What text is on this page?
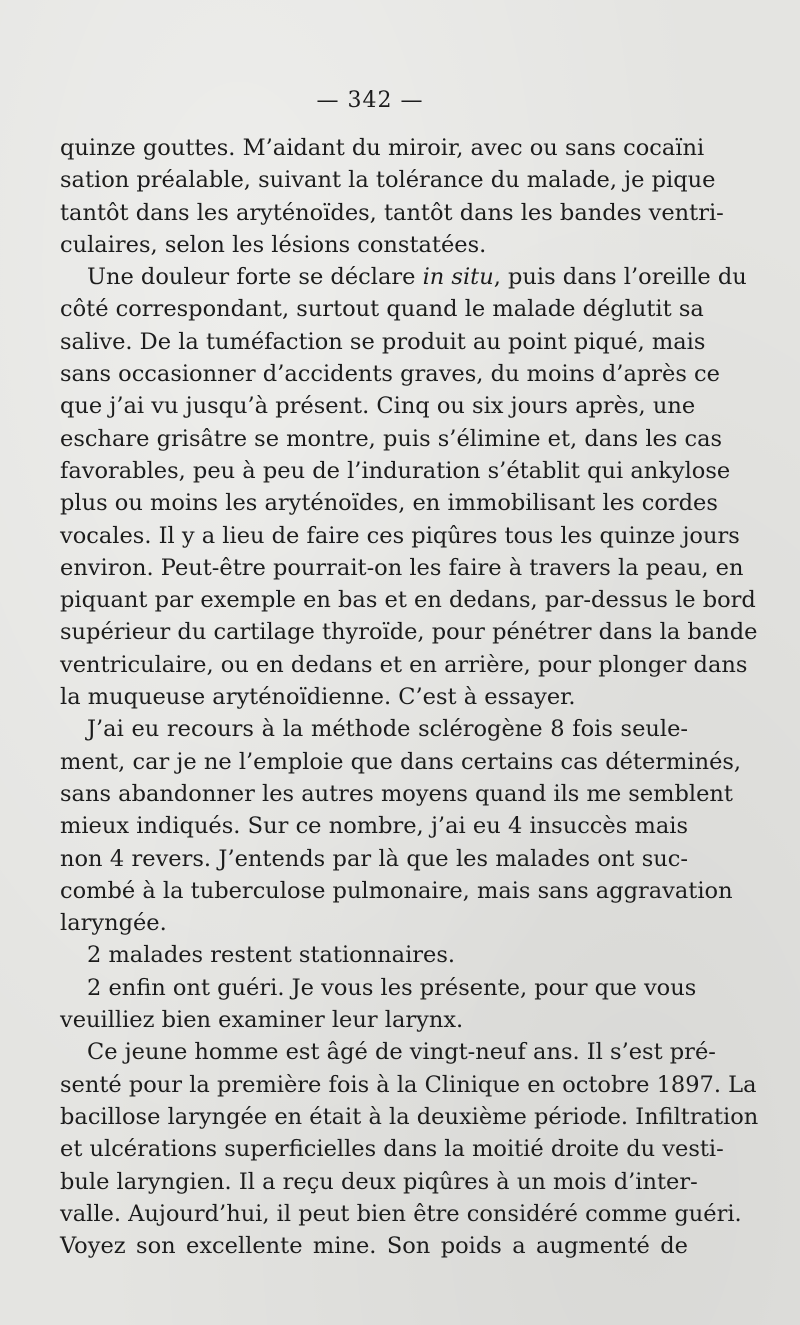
— 342 —
quinze gouttes. M’aidant du miroir, avec ou sans cocaïni
sation préalable, suivant la tolérance du malade, je pique
tantôt dans les aryténoïdes, tantôt dans les bandes ventri-
culaires, selon les lésions constatées.
Une douleur forte se déclare in situ, puis dans l’oreille du
côté correspondant, surtout quand le malade déglutit sa
salive. De la tuméfaction se produit au point piqué, mais
sans occasionner d’accidents graves, du moins d’après ce
que j’ai vu jusqu’à présent. Cinq ou six jours après, une
eschare grisâtre se montre, puis s’élimine et, dans les cas
favorables, peu à peu de l’induration s’établit qui ankylose
plus ou moins les aryténoïdes, en immobilisant les cordes
vocales. Il y a lieu de faire ces piqûres tous les quinze jours
environ. Peut-être pourrait-on les faire à travers la peau, en
piquant par exemple en bas et en dedans, par-dessus le bord
supérieur du cartilage thyroïde, pour pénétrer dans la bande
ventriculaire, ou en dedans et en arrière, pour plonger dans
la muqueuse aryténoïdienne. C’est à essayer.
J’ai eu recours à la méthode sclérogène 8 fois seule-
ment, car je ne l’emploie que dans certains cas déterminés,
sans abandonner les autres moyens quand ils me semblent
mieux indiqués. Sur ce nombre, j’ai eu 4 insuccès mais
non 4 revers. J’entends par là que les malades ont suc-
combé à la tuberculose pulmonaire, mais sans aggravation
laryngée.
2 malades restent stationnaires.
2 enfin ont guéri. Je vous les présente, pour que vous
veuilliez bien examiner leur larynx.
Ce jeune homme est âgé de vingt-neuf ans. Il s’est pré-
senté pour la première fois à la Clinique en octobre 1897. La
bacillose laryngée en était à la deuxième période. Infiltration
et ulcérations superficielles dans la moitié droite du vesti-
bule laryngien. Il a reçu deux piqûres à un mois d’inter-
valle. Aujourd’hui, il peut bien être considéré comme guéri.
Voyez son excellente mine. Son poids a augmenté de
